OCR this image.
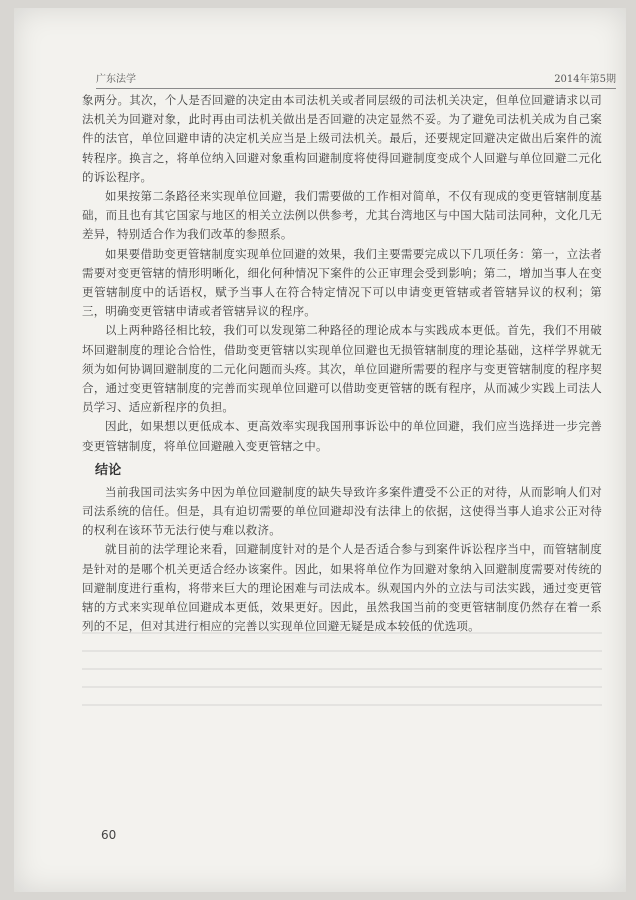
广东法学	2014年第5期

象两分。其次，个人是否回避的决定由本司法机关或者同层级的司法机关决定，但单位回避请求以司法机关为回避对象，此时再由司法机关做出是否回避的决定显然不妥。为了避免司法机关成为自己案件的法官，单位回避申请的决定机关应当是上级司法机关。最后，还要规定回避决定做出后案件的流转程序。换言之，将单位纳入回避对象重构回避制度将使得回避制度变成个人回避与单位回避二元化的诉讼程序。

如果按第二条路径来实现单位回避，我们需要做的工作相对简单，不仅有现成的变更管辖制度基础，而且也有其它国家与地区的相关立法例以供参考，尤其台湾地区与中国大陆司法同种，文化几无差异，特别适合作为我们改革的参照系。

如果要借助变更管辖制度实现单位回避的效果，我们主要需要完成以下几项任务：第一，立法者需要对变更管辖的情形明晰化，细化何种情况下案件的公正审理会受到影响；第二，增加当事人在变更管辖制度中的话语权，赋予当事人在符合特定情况下可以申请变更管辖或者管辖异议的权利；第三，明确变更管辖申请或者管辖异议的程序。

以上两种路径相比较，我们可以发现第二种路径的理论成本与实践成本更低。首先，我们不用破坏回避制度的理论合恰性，借助变更管辖以实现单位回避也无损管辖制度的理论基础，这样学界就无须为如何协调回避制度的二元化问题而头疼。其次，单位回避所需要的程序与变更管辖制度的程序契合，通过变更管辖制度的完善而实现单位回避可以借助变更管辖的既有程序，从而减少实践上司法人员学习、适应新程序的负担。

因此，如果想以更低成本、更高效率实现我国刑事诉讼中的单位回避，我们应当选择进一步完善变更管辖制度，将单位回避融入变更管辖之中。

结论

当前我国司法实务中因为单位回避制度的缺失导致许多案件遭受不公正的对待，从而影响人们对司法系统的信任。但是，具有迫切需要的单位回避却没有法律上的依据，这使得当事人追求公正对待的权利在该环节无法行使与难以救济。

就目前的法学理论来看，回避制度针对的是个人是否适合参与到案件诉讼程序当中，而管辖制度是针对的是哪个机关更适合经办该案件。因此，如果将单位作为回避对象纳入回避制度需要对传统的回避制度进行重构，将带来巨大的理论困难与司法成本。纵观国内外的立法与司法实践，通过变更管辖的方式来实现单位回避成本更低，效果更好。因此，虽然我国当前的变更管辖制度仍然存在着一系列的不足，但对其进行相应的完善以实现单位回避无疑是成本较低的优选项。

60
